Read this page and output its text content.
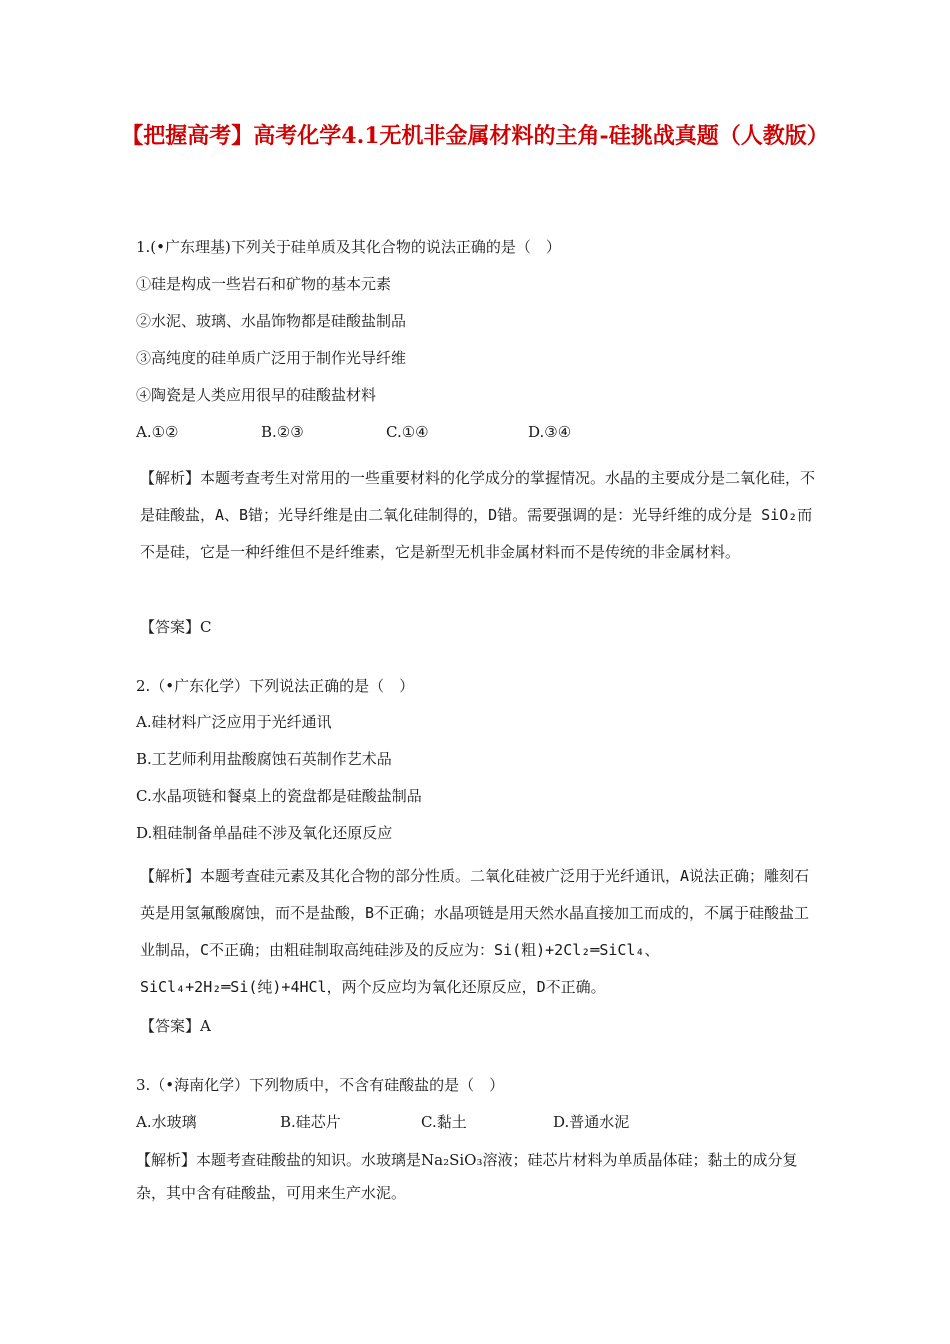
【把握高考】高考化学4.1无机非金属材料的主角-硅挑战真题（人教版）
1.(•广东理基)下列关于硅单质及其化合物的说法正确的是（　）
①硅是构成一些岩石和矿物的基本元素
②水泥、玻璃、水晶饰物都是硅酸盐制品
③高纯度的硅单质广泛用于制作光导纤维
④陶瓷是人类应用很早的硅酸盐材料
A.①②	B.②③	C.①④	D.③④
【解析】本题考查考生对常用的一些重要材料的化学成分的掌握情况。水晶的主要成分是二氧化硅，不是硅酸盐，A、B错；光导纤维是由二氧化硅制得的，D错。需要强调的是：光导纤维的成分是 SiO₂而不是硅，它是一种纤维但不是纤维素，它是新型无机非金属材料而不是传统的非金属材料。
【答案】C
2.（•广东化学）下列说法正确的是（　）
A.硅材料广泛应用于光纤通讯
B.工艺师利用盐酸腐蚀石英制作艺术品
C.水晶项链和餐桌上的瓷盘都是硅酸盐制品
D.粗硅制备单晶硅不涉及氧化还原反应
【解析】本题考查硅元素及其化合物的部分性质。二氧化硅被广泛用于光纤通讯，A说法正确；雕刻石英是用氢氟酸腐蚀，而不是盐酸，B不正确；水晶项链是用天然水晶直接加工而成的，不属于硅酸盐工业制品，C不正确；由粗硅制取高纯硅涉及的反应为：Si(粗)+2Cl₂═SiCl₄、SiCl₄+2H₂═Si(纯)+4HCl，两个反应均为氧化还原反应，D不正确。
【答案】A
3.（•海南化学）下列物质中，不含有硅酸盐的是（　）
A.水玻璃	B.硅芯片	C.黏土	D.普通水泥
【解析】本题考查硅酸盐的知识。水玻璃是Na₂SiO₃溶液；硅芯片材料为单质晶体硅；黏土的成分复杂，其中含有硅酸盐，可用来生产水泥。
